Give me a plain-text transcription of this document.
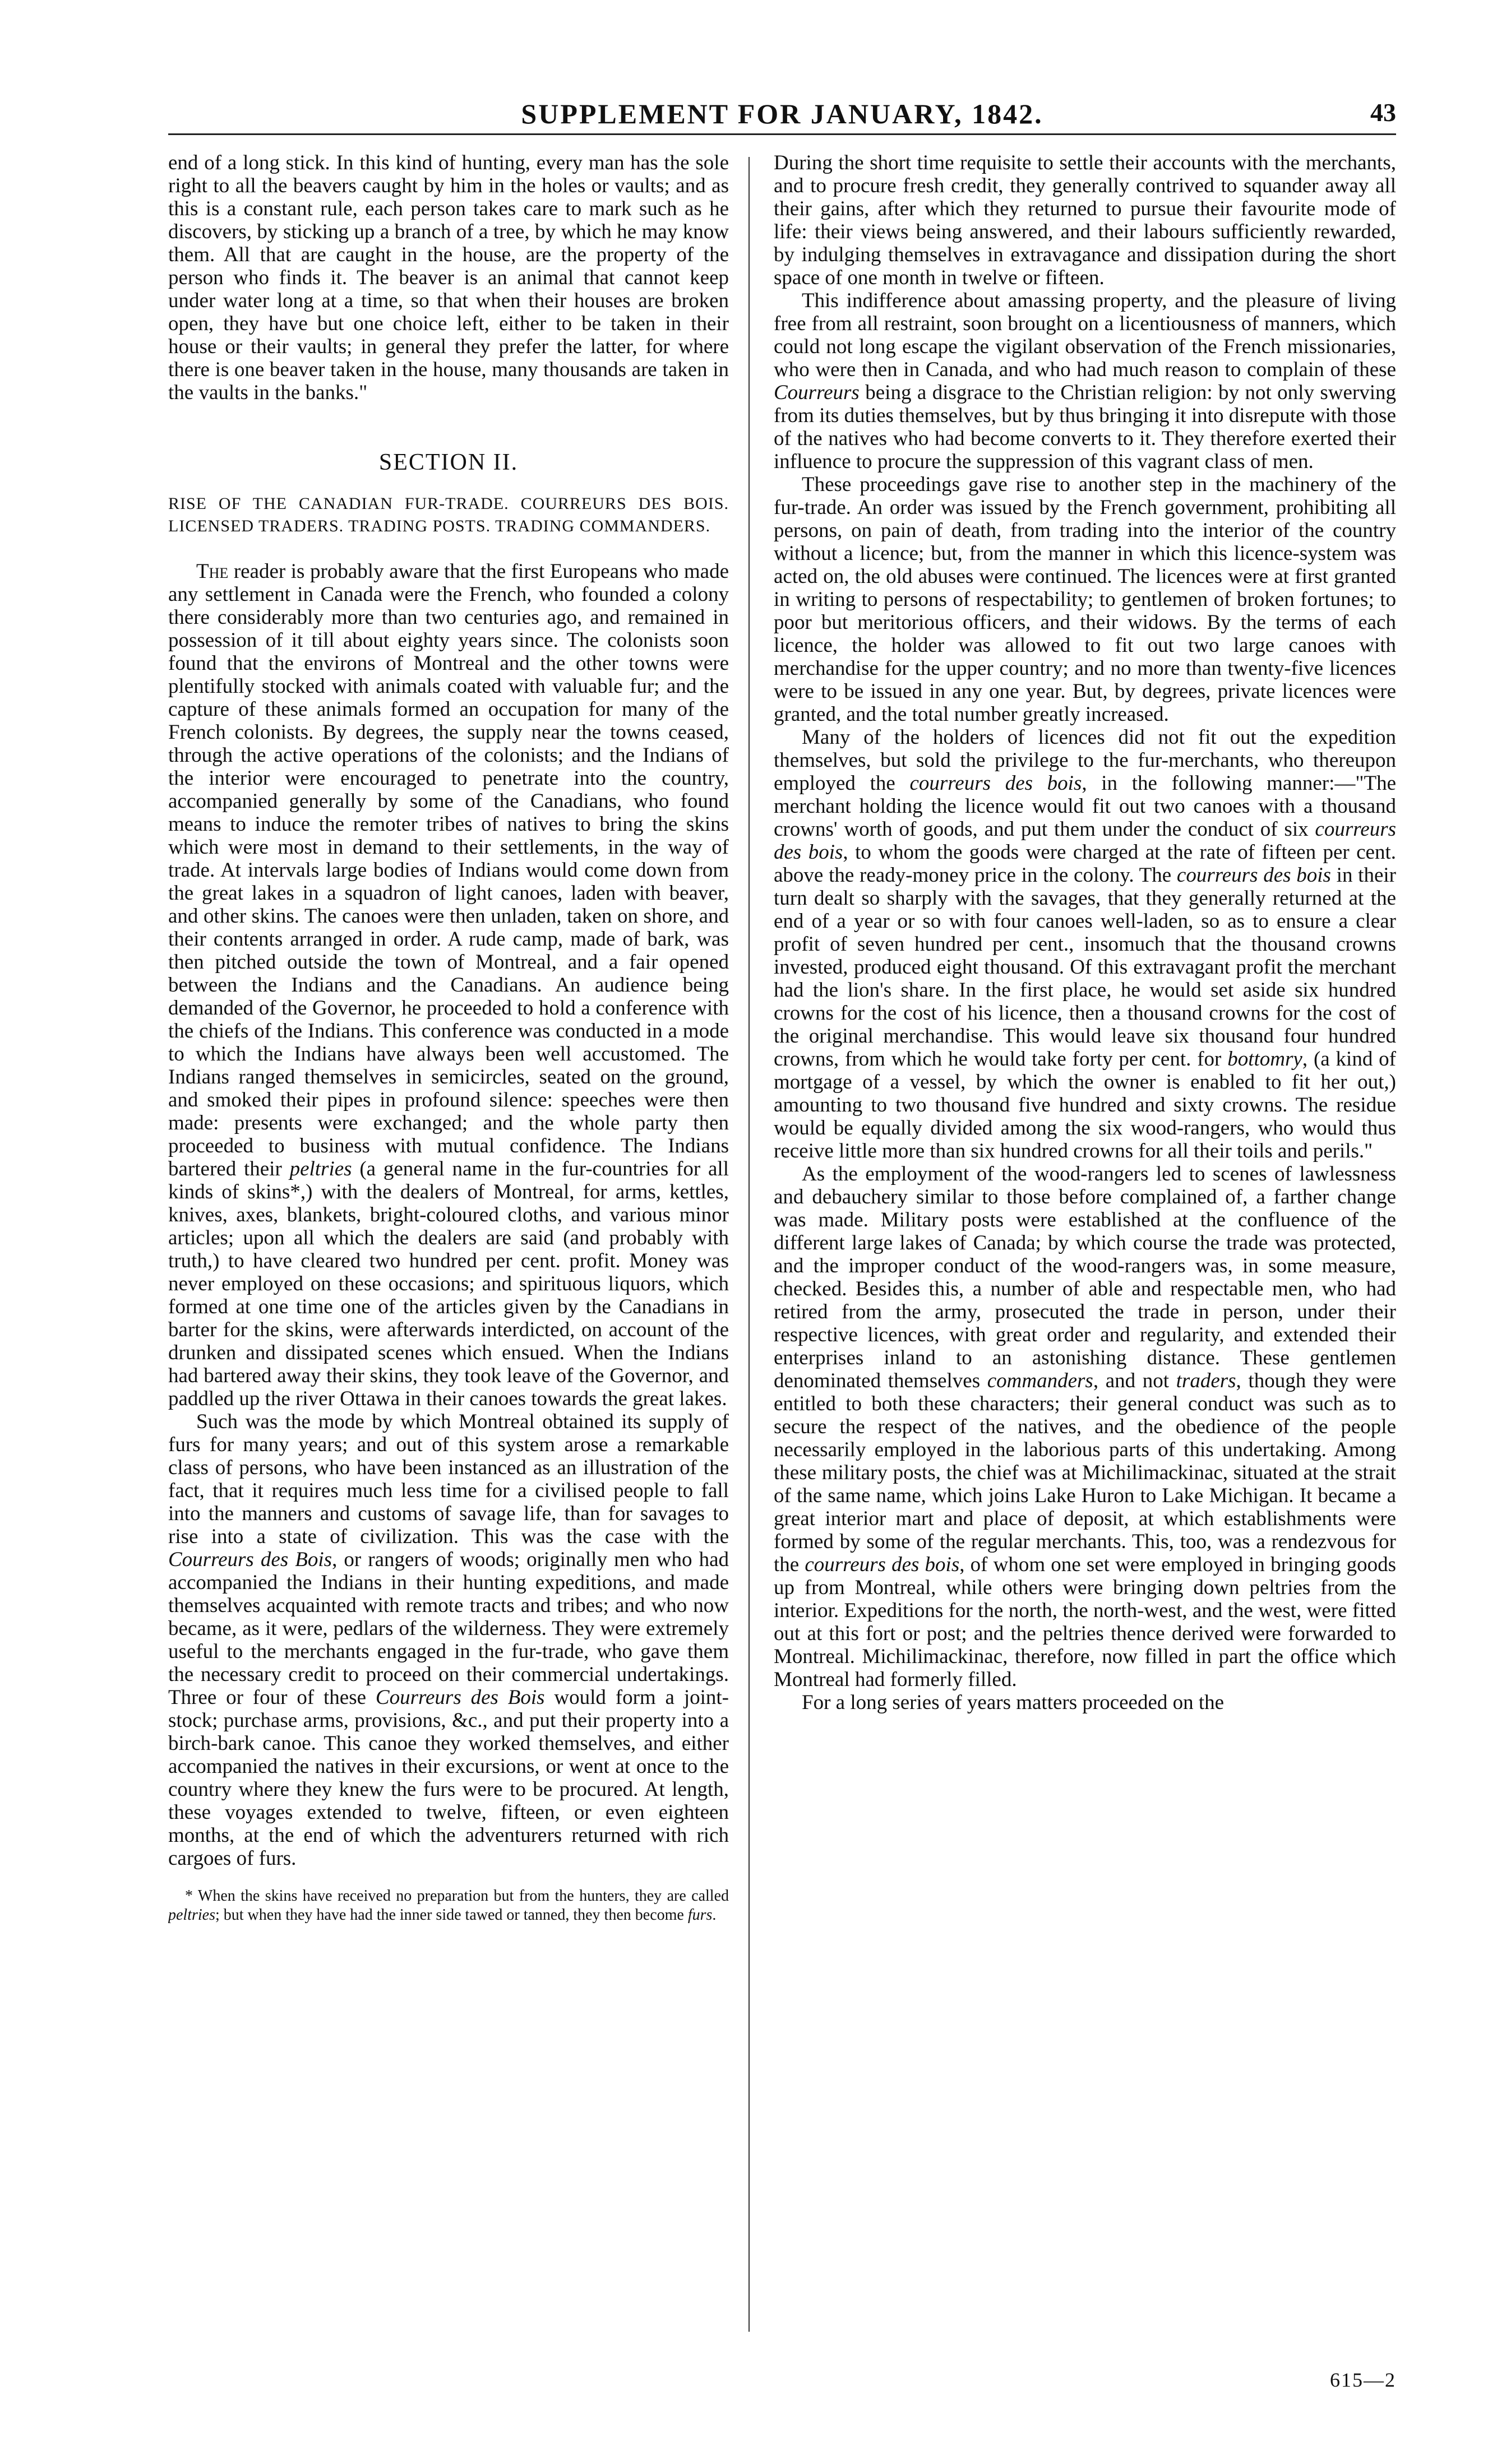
SUPPLEMENT FOR JANUARY, 1842.	43

end of a long stick. In this kind of hunting, every man has the sole right to all the beavers caught by him in the holes or vaults; and as this is a constant rule, each person takes care to mark such as he discovers, by sticking up a branch of a tree, by which he may know them. All that are caught in the house, are the property of the person who finds it. The beaver is an animal that cannot keep under water long at a time, so that when their houses are broken open, they have but one choice left, either to be taken in their house or their vaults; in general they prefer the latter, for where there is one beaver taken in the house, many thousands are taken in the vaults in the banks."

SECTION II.

RISE OF THE CANADIAN FUR-TRADE. COURREURS DES BOIS. LICENSED TRADERS. TRADING POSTS. TRADING COMMANDERS.

The reader is probably aware that the first Europeans who made any settlement in Canada were the French, who founded a colony there considerably more than two centuries ago, and remained in possession of it till about eighty years since. The colonists soon found that the environs of Montreal and the other towns were plentifully stocked with animals coated with valuable fur; and the capture of these animals formed an occupation for many of the French colonists. By degrees, the supply near the towns ceased, through the active operations of the colonists; and the Indians of the interior were encouraged to penetrate into the country, accompanied generally by some of the Canadians, who found means to induce the remoter tribes of natives to bring the skins which were most in demand to their settlements, in the way of trade. At intervals large bodies of Indians would come down from the great lakes in a squadron of light canoes, laden with beaver, and other skins. The canoes were then unladen, taken on shore, and their contents arranged in order. A rude camp, made of bark, was then pitched outside the town of Montreal, and a fair opened between the Indians and the Canadians. An audience being demanded of the Governor, he proceeded to hold a conference with the chiefs of the Indians. This conference was conducted in a mode to which the Indians have always been well accustomed. The Indians ranged themselves in semicircles, seated on the ground, and smoked their pipes in profound silence: speeches were then made: presents were exchanged; and the whole party then proceeded to business with mutual confidence. The Indians bartered their peltries (a general name in the fur-countries for all kinds of skins*,) with the dealers of Montreal, for arms, kettles, knives, axes, blankets, bright-coloured cloths, and various minor articles; upon all which the dealers are said (and probably with truth,) to have cleared two hundred per cent. profit. Money was never employed on these occasions; and spirituous liquors, which formed at one time one of the articles given by the Canadians in barter for the skins, were afterwards interdicted, on account of the drunken and dissipated scenes which ensued. When the Indians had bartered away their skins, they took leave of the Governor, and paddled up the river Ottawa in their canoes towards the great lakes.

Such was the mode by which Montreal obtained its supply of furs for many years; and out of this system arose a remarkable class of persons, who have been instanced as an illustration of the fact, that it requires much less time for a civilised people to fall into the manners and customs of savage life, than for savages to rise into a state of civilization. This was the case with the Courreurs des Bois, or rangers of woods; originally men who had accompanied the Indians in their hunting expeditions, and made themselves acquainted with remote tracts and tribes; and who now became, as it were, pedlars of the wilderness. They were extremely useful to the merchants engaged in the fur-trade, who gave them the necessary credit to proceed on their commercial undertakings. Three or four of these Courreurs des Bois would form a joint-stock; purchase arms, provisions, &c., and put their property into a birch-bark canoe. This canoe they worked themselves, and either accompanied the natives in their excursions, or went at once to the country where they knew the furs were to be procured. At length, these voyages extended to twelve, fifteen, or even eighteen months, at the end of which the adventurers returned with rich cargoes of furs.

* When the skins have received no preparation but from the hunters, they are called peltries; but when they have had the inner side tawed or tanned, they then become furs.

During the short time requisite to settle their accounts with the merchants, and to procure fresh credit, they generally contrived to squander away all their gains, after which they returned to pursue their favourite mode of life: their views being answered, and their labours sufficiently rewarded, by indulging themselves in extravagance and dissipation during the short space of one month in twelve or fifteen.

This indifference about amassing property, and the pleasure of living free from all restraint, soon brought on a licentiousness of manners, which could not long escape the vigilant observation of the French missionaries, who were then in Canada, and who had much reason to complain of these Courreurs being a disgrace to the Christian religion: by not only swerving from its duties themselves, but by thus bringing it into disrepute with those of the natives who had become converts to it. They therefore exerted their influence to procure the suppression of this vagrant class of men.

These proceedings gave rise to another step in the machinery of the fur-trade. An order was issued by the French government, prohibiting all persons, on pain of death, from trading into the interior of the country without a licence; but, from the manner in which this licence-system was acted on, the old abuses were continued. The licences were at first granted in writing to persons of respectability; to gentlemen of broken fortunes; to poor but meritorious officers, and their widows. By the terms of each licence, the holder was allowed to fit out two large canoes with merchandise for the upper country; and no more than twenty-five licences were to be issued in any one year. But, by degrees, private licences were granted, and the total number greatly increased.

Many of the holders of licences did not fit out the expedition themselves, but sold the privilege to the fur-merchants, who thereupon employed the courreurs des bois, in the following manner:—"The merchant holding the licence would fit out two canoes with a thousand crowns' worth of goods, and put them under the conduct of six courreurs des bois, to whom the goods were charged at the rate of fifteen per cent. above the ready-money price in the colony. The courreurs des bois in their turn dealt so sharply with the savages, that they generally returned at the end of a year or so with four canoes well-laden, so as to ensure a clear profit of seven hundred per cent., insomuch that the thousand crowns invested, produced eight thousand. Of this extravagant profit the merchant had the lion's share. In the first place, he would set aside six hundred crowns for the cost of his licence, then a thousand crowns for the cost of the original merchandise. This would leave six thousand four hundred crowns, from which he would take forty per cent. for bottomry, (a kind of mortgage of a vessel, by which the owner is enabled to fit her out,) amounting to two thousand five hundred and sixty crowns. The residue would be equally divided among the six wood-rangers, who would thus receive little more than six hundred crowns for all their toils and perils."

As the employment of the wood-rangers led to scenes of lawlessness and debauchery similar to those before complained of, a farther change was made. Military posts were established at the confluence of the different large lakes of Canada; by which course the trade was protected, and the improper conduct of the wood-rangers was, in some measure, checked. Besides this, a number of able and respectable men, who had retired from the army, prosecuted the trade in person, under their respective licences, with great order and regularity, and extended their enterprises inland to an astonishing distance. These gentlemen denominated themselves commanders, and not traders, though they were entitled to both these characters; their general conduct was such as to secure the respect of the natives, and the obedience of the people necessarily employed in the laborious parts of this undertaking. Among these military posts, the chief was at Michilimackinac, situated at the strait of the same name, which joins Lake Huron to Lake Michigan. It became a great interior mart and place of deposit, at which establishments were formed by some of the regular merchants. This, too, was a rendezvous for the courreurs des bois, of whom one set were employed in bringing goods up from Montreal, while others were bringing down peltries from the interior. Expeditions for the north, the north-west, and the west, were fitted out at this fort or post; and the peltries thence derived were forwarded to Montreal. Michilimackinac, therefore, now filled in part the office which Montreal had formerly filled.

For a long series of years matters proceeded on the

615—2
